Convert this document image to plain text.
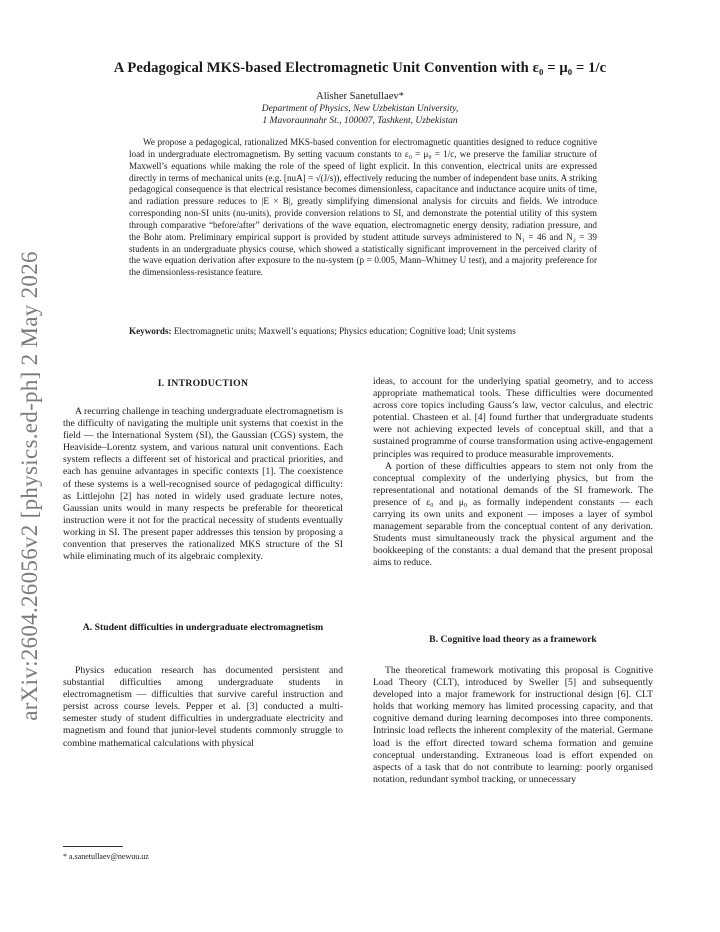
arXiv:2604.26056v2 [physics.ed-ph] 2 May 2026
A Pedagogical MKS-based Electromagnetic Unit Convention with ε₀ = μ₀ = 1/c
Alisher Sanetullaev*
Department of Physics, New Uzbekistan University,
1 Mavoraunnahr St., 100007, Tashkent, Uzbekistan
We propose a pedagogical, rationalized MKS-based convention for electromagnetic quantities designed to reduce cognitive load in undergraduate electromagnetism. By setting vacuum constants to ε₀ = μ₀ = 1/c, we preserve the familiar structure of Maxwell’s equations while making the role of the speed of light explicit. In this convention, electrical units are expressed directly in terms of mechanical units (e.g. [nuA] = √(J/s)), effectively reducing the number of independent base units. A striking pedagogical consequence is that electrical resistance becomes dimensionless, capacitance and inductance acquire units of time, and radiation pressure reduces to |E × B|, greatly simplifying dimensional analysis for circuits and fields. We introduce corresponding non-SI units (nu-units), provide conversion relations to SI, and demonstrate the potential utility of this system through comparative “before/after” derivations of the wave equation, electromagnetic energy density, radiation pressure, and the Bohr atom. Preliminary empirical support is provided by student attitude surveys administered to N₁ = 46 and N₂ = 39 students in an undergraduate physics course, which showed a statistically significant improvement in the perceived clarity of the wave equation derivation after exposure to the nu-system (p = 0.005, Mann–Whitney U test), and a majority preference for the dimensionless-resistance feature.
Keywords: Electromagnetic units; Maxwell’s equations; Physics education; Cognitive load; Unit systems
I. INTRODUCTION

A recurring challenge in teaching undergraduate electromagnetism is the difficulty of navigating the multiple unit systems that coexist in the field — the International System (SI), the Gaussian (CGS) system, the Heaviside–Lorentz system, and various natural unit conventions. Each system reflects a different set of historical and practical priorities, and each has genuine advantages in specific contexts [1]. The coexistence of these systems is a well-recognised source of pedagogical difficulty: as Littlejohn [2] has noted in widely used graduate lecture notes, Gaussian units would in many respects be preferable for theoretical instruction were it not for the practical necessity of students eventually working in SI. The present paper addresses this tension by proposing a convention that preserves the rationalized MKS structure of the SI while eliminating much of its algebraic complexity.

A. Student difficulties in undergraduate electromagnetism

Physics education research has documented persistent and substantial difficulties among undergraduate students in electromagnetism — difficulties that survive careful instruction and persist across course levels. Pepper et al. [3] conducted a multi-semester study of student difficulties in undergraduate electricity and magnetism and found that junior-level students commonly struggle to combine mathematical calculations with physical

* a.sanetullaev@newuu.uz

ideas, to account for the underlying spatial geometry, and to access appropriate mathematical tools. These difficulties were documented across core topics including Gauss’s law, vector calculus, and electric potential. Chasteen et al. [4] found further that undergraduate students were not achieving expected levels of conceptual skill, and that a sustained programme of course transformation using active-engagement principles was required to produce measurable improvements.

A portion of these difficulties appears to stem not only from the conceptual complexity of the underlying physics, but from the representational and notational demands of the SI framework. The presence of ε₀ and μ₀ as formally independent constants — each carrying its own units and exponent — imposes a layer of symbol management separable from the conceptual content of any derivation. Students must simultaneously track the physical argument and the bookkeeping of the constants: a dual demand that the present proposal aims to reduce.

B. Cognitive load theory as a framework

The theoretical framework motivating this proposal is Cognitive Load Theory (CLT), introduced by Sweller [5] and subsequently developed into a major framework for instructional design [6]. CLT holds that working memory has limited processing capacity, and that cognitive demand during learning decomposes into three components. Intrinsic load reflects the inherent complexity of the material. Germane load is the effort directed toward schema formation and genuine conceptual understanding. Extraneous load is effort expended on aspects of a task that do not contribute to learning: poorly organised notation, redundant symbol tracking, or unnecessary
